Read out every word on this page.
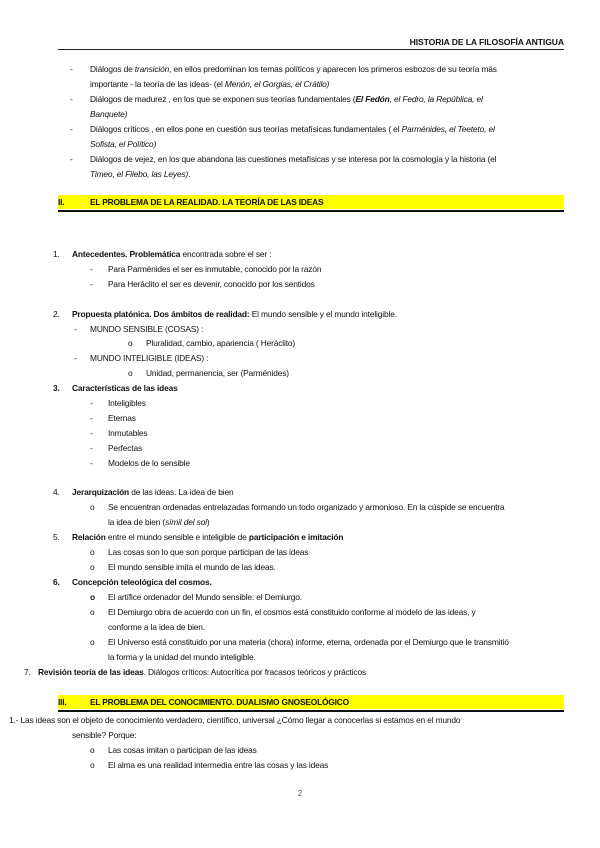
HISTORIA DE LA FILOSOFÍA ANTIGUA
- Diálogos de transición, en ellos predominan los temas políticos y aparecen los primeros esbozos de su teoría más
importante - la teoría de las ideas- (el Menón, el Gorgias, el Crátilo)
- Diálogos de madurez , en los que se exponen sus teorías fundamentales (El Fedón, el Fedro, la República, el
Banquete)
- Diálogos críticos , en ellos pone en cuestión sus teorías metafísicas fundamentales ( el Parménides, el Teeteto, el
Sofista, el Político)
- Diálogos de vejez, en los que abandona las cuestiones metafísicas y se interesa por la cosmología y la historia (el
Timeo, el Filebo, las Leyes).
II.	EL PROBLEMA DE LA REALIDAD. LA TEORÍA DE LAS IDEAS
1. Antecedentes. Problemática encontrada sobre el ser :
- Para Parménides el ser es inmutable, conocido por la razón
- Para Heráclito el ser es devenir, conocido por los sentidos
2. Propuesta platónica. Dos ámbitos de realidad: El mundo sensible y el mundo inteligible.
- MUNDO SENSIBLE (COSAS) :
o Pluralidad, cambio, apariencia ( Heráclito)
- MUNDO INTELIGIBLE (IDEAS) :
o Unidad, permanencia, ser (Parménides)
3. Características de las ideas
- Inteligibles
- Eternas
- Inmutables
- Perfectas
- Modelos de lo sensible
4. Jerarquización de las ideas. La idea de bien
o Se encuentran ordenadas entrelazadas formando un todo organizado y armonioso. En la cúspide se encuentra
la idea de bien (símil del sol)
5. Relación entre el mundo sensible e inteligible de participación e imitación
o Las cosas son lo que son porque participan de las ideas
o El mundo sensible imita el mundo de las ideas.
6. Concepción teleológica del cosmos.
o El artífice ordenador del Mundo sensible: el Demiurgo.
o El Demiurgo obra de acuerdo con un fin, el cosmos está constituido conforme al modelo de las ideas, y
conforme a la idea de bien.
o El Universo está constituido por una materia (chora) informe, eterna, ordenada por el Demiurgo que le transmitió
la forma y la unidad del mundo inteligible.
7. Revisión teoría de las ideas. Diálogos críticos: Autocrítica por fracasos teóricos y prácticos
III.	EL PROBLEMA DEL CONOCIMIENTO. DUALISMO GNOSEOLÓGICO
1.- Las ideas son el objeto de conocimiento verdadero, científico, universal ¿Cómo llegar a conocerlas si estamos en el mundo
sensible? Porque:
o Las cosas imitan o participan de las ideas
o El alma es una realidad intermedia entre las cosas y las ideas
2
